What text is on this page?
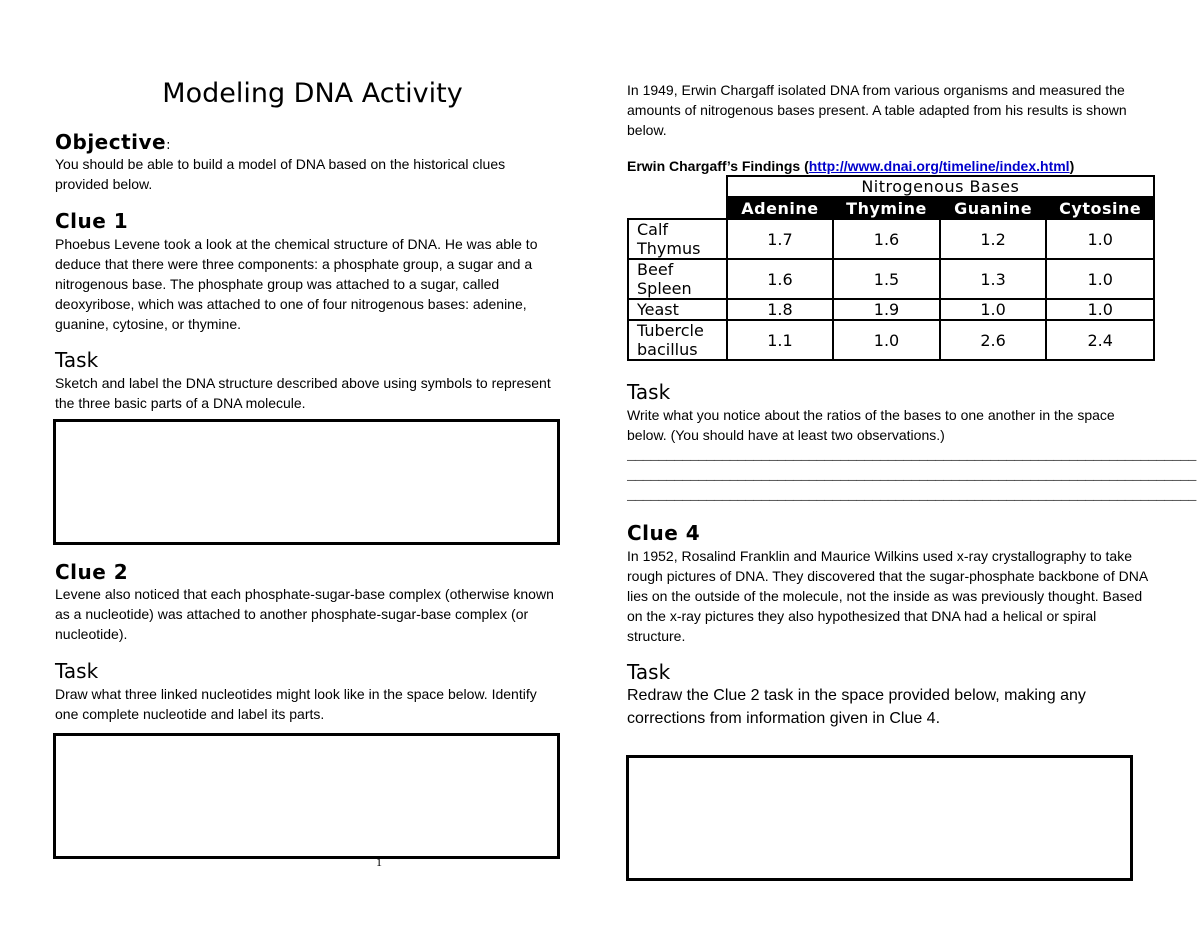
Modeling DNA Activity
Objective:
You should be able to build a model of DNA based on the historical clues provided below.
Clue 1
Phoebus Levene took a look at the chemical structure of DNA. He was able to deduce that there were three components: a phosphate group, a sugar and a nitrogenous base. The phosphate group was attached to a sugar, called deoxyribose, which was attached to one of four nitrogenous bases: adenine, guanine, cytosine, or thymine.
Task
Sketch and label the DNA structure described above using symbols to represent the three basic parts of a DNA molecule.
Clue 2
Levene also noticed that each phosphate-sugar-base complex (otherwise known as a nucleotide) was attached to another phosphate-sugar-base complex (or nucleotide).
Task
Draw what three linked nucleotides might look like in the space below. Identify one complete nucleotide and label its parts.
1
In 1949, Erwin Chargaff isolated DNA from various organisms and measured the amounts of nitrogenous bases present. A table adapted from his results is shown below.
Erwin Chargaff’s Findings (http://www.dnai.org/timeline/index.html)
	Nitrogenous Bases			
	Adenine	Thymine	Guanine	Cytosine

Calf
Thymus	1.7	1.6	1.2	1.0

Beef
Spleen	1.6	1.5	1.3	1.0
Yeast	1.8	1.9	1.0	1.0

Tubercle
bacillus	1.1	1.0	2.6	2.4
Task
Write what you notice about the ratios of the bases to one another in the space below. (You should have at least two observations.)
________________________________________________________________________
________________________________________________________________________
________________________________________________________________________
Clue 4
In 1952, Rosalind Franklin and Maurice Wilkins used x-ray crystallography to take rough pictures of DNA. They discovered that the sugar-phosphate backbone of DNA lies on the outside of the molecule, not the inside as was previously thought. Based on the x-ray pictures they also hypothesized that DNA had a helical or spiral structure.
Task
Redraw the Clue 2 task in the space provided below, making any corrections from information given in Clue 4.
